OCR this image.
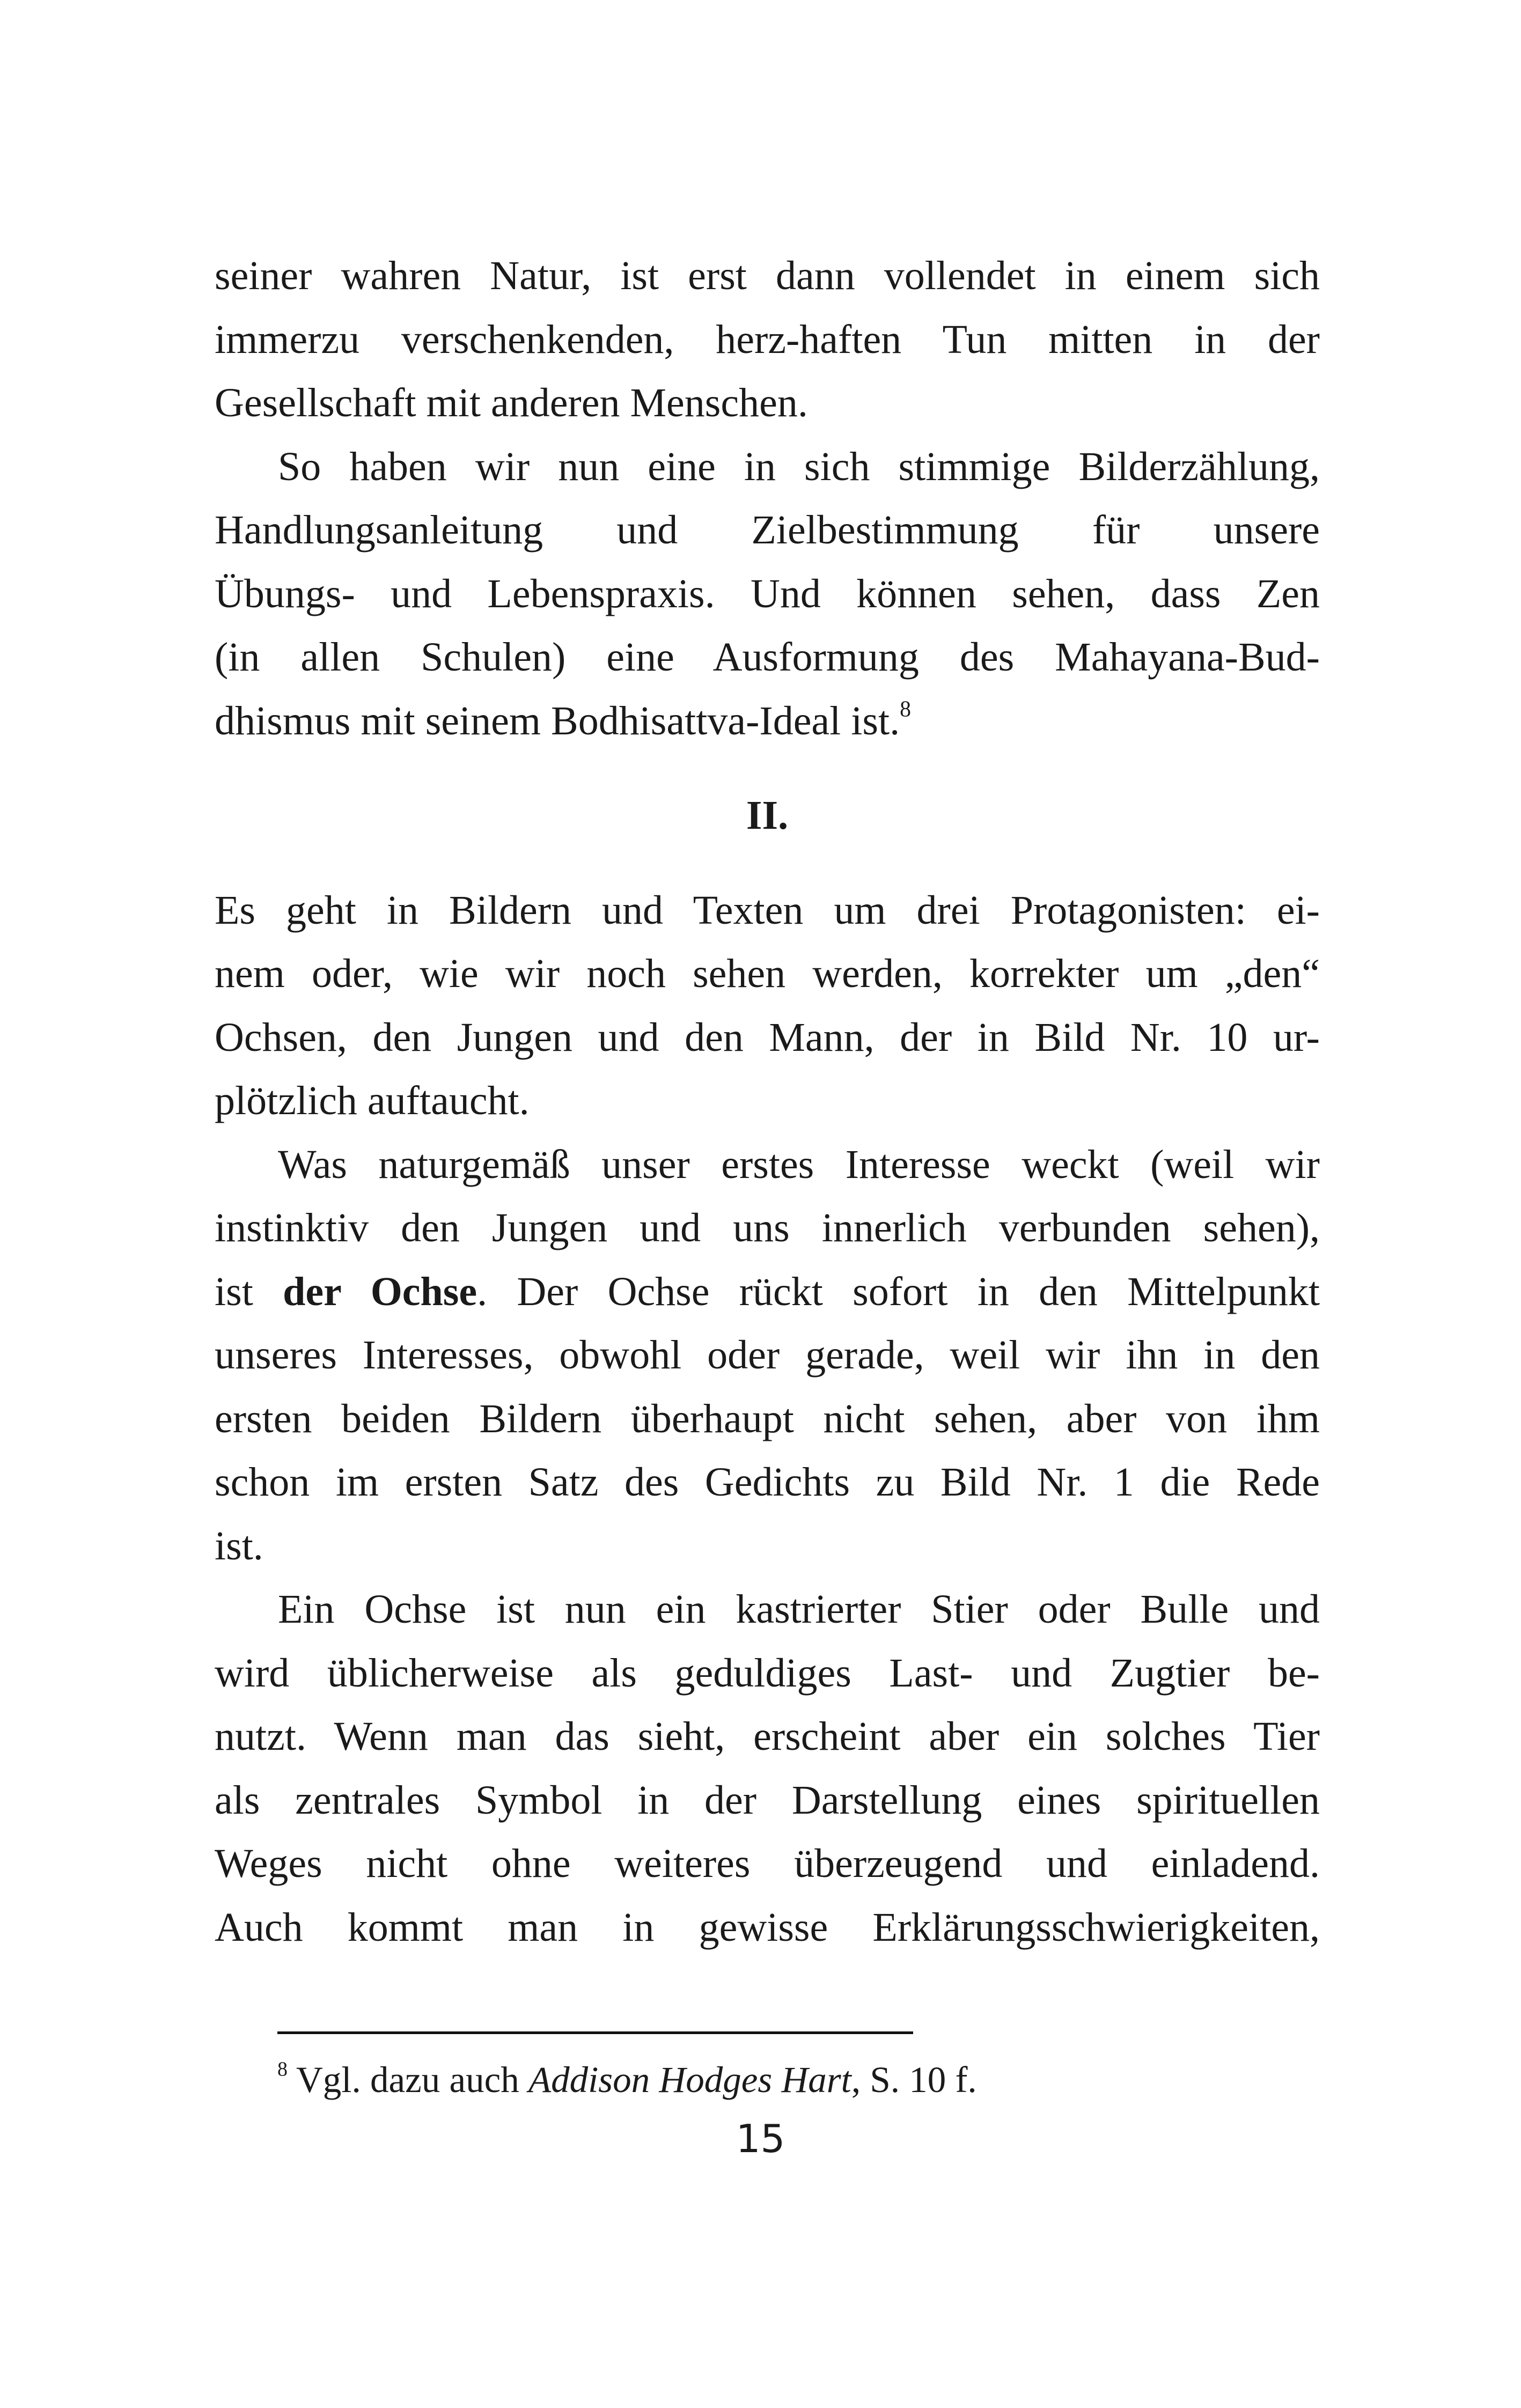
seiner wahren Natur, ist erst dann vollendet in einem sich
immerzu verschenkenden, herz-haften Tun mitten in der
Gesellschaft mit anderen Menschen.

So haben wir nun eine in sich stimmige Bilderzählung,
Handlungsanleitung und Zielbestimmung für unsere
Übungs- und Lebenspraxis. Und können sehen, dass Zen
(in allen Schulen) eine Ausformung des Mahayana-Bud-
dhismus mit seinem Bodhisattva-Ideal ist.$^8$

II.

Es geht in Bildern und Texten um drei Protagonisten: ei-
nem oder, wie wir noch sehen werden, korrekter um „den“
Ochsen, den Jungen und den Mann, der in Bild Nr. 10 ur-
plötzlich auftaucht.

Was naturgemäß unser erstes Interesse weckt (weil wir
instinktiv den Jungen und uns innerlich verbunden sehen),
ist der Ochse. Der Ochse rückt sofort in den Mittelpunkt
unseres Interesses, obwohl oder gerade, weil wir ihn in den
ersten beiden Bildern überhaupt nicht sehen, aber von ihm
schon im ersten Satz des Gedichts zu Bild Nr. 1 die Rede
ist.

Ein Ochse ist nun ein kastrierter Stier oder Bulle und
wird üblicherweise als geduldiges Last- und Zugtier be-
nutzt. Wenn man das sieht, erscheint aber ein solches Tier
als zentrales Symbol in der Darstellung eines spirituellen
Weges nicht ohne weiteres überzeugend und einladend.
Auch kommt man in gewisse Erklärungsschwierigkeiten,

$^8$ Vgl. dazu auch Addison Hodges Hart, S. 10 f.
15
